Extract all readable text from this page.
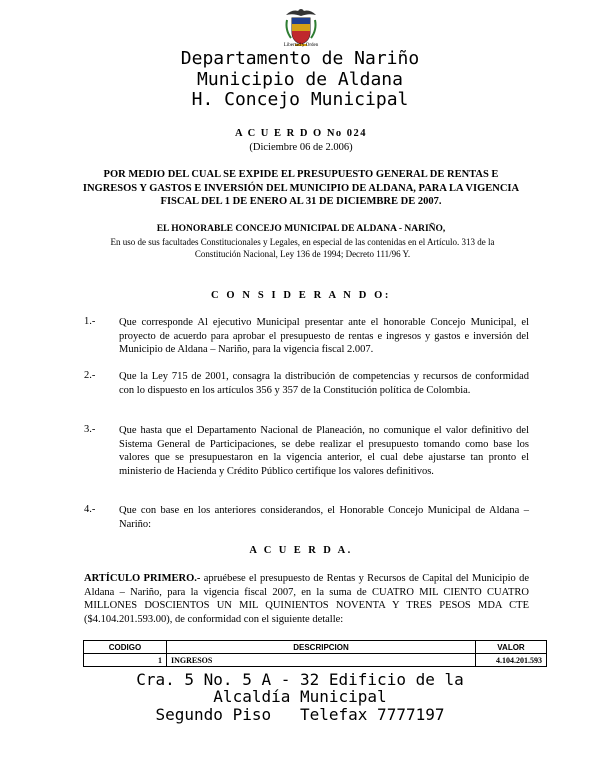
Libertad y Orden
Departamento de Nariño
Municipio de Aldana
H. Concejo Municipal
A C U E R D O No 024
(Diciembre 06 de 2.006)
POR MEDIO DEL CUAL SE EXPIDE EL PRESUPUESTO GENERAL DE RENTAS E INGRESOS Y GASTOS E INVERSIÓN DEL MUNICIPIO DE ALDANA, PARA LA VIGENCIA FISCAL DEL 1 DE ENERO AL 31 DE DICIEMBRE DE 2007.
EL HONORABLE CONCEJO MUNICIPAL DE ALDANA - NARIÑO,
En uso de sus facultades Constitucionales y Legales, en especial de las contenidas en el Artículo. 313 de la Constitución Nacional, Ley 136 de 1994; Decreto 111/96 Y.
C O N S I D E R A N D O:
1.- Que corresponde Al ejecutivo Municipal presentar ante el honorable Concejo Municipal, el proyecto de acuerdo para aprobar el presupuesto de rentas e ingresos y gastos e inversión del Municipio de Aldana – Nariño, para la vigencia fiscal 2.007.

2.- Que la Ley 715 de 2001, consagra la distribución de competencias y recursos de conformidad con lo dispuesto en los artículos 356 y 357 de la Constitución política de Colombia.

3.- Que hasta que el Departamento Nacional de Planeación, no comunique el valor definitivo del Sistema General de Participaciones, se debe realizar el presupuesto tomando como base los valores que se presupuestaron en la vigencia anterior, el cual debe ajustarse tan pronto el ministerio de Hacienda y Crédito Público certifique los valores definitivos.

4.- Que con base en los anteriores considerandos, el Honorable Concejo Municipal de Aldana – Nariño:

A C U E R D A.

ARTÍCULO PRIMERO.- apruébese el presupuesto de Rentas y Recursos de Capital del Municipio de Aldana – Nariño, para la vigencia fiscal 2007, en la suma de CUATRO MIL CIENTO CUATRO MILLONES DOSCIENTOS UN MIL QUINIENTOS NOVENTA Y TRES PESOS MDA CTE ($4.104.201.593.00), de conformidad con el siguiente detalle:

CODIGO	DESCRIPCION	VALOR
1	INGRESOS	4.104.201.593
Cra. 5 No. 5 A - 32 Edificio de la
Alcaldía Municipal
Segundo Piso   Telefax 7777197
